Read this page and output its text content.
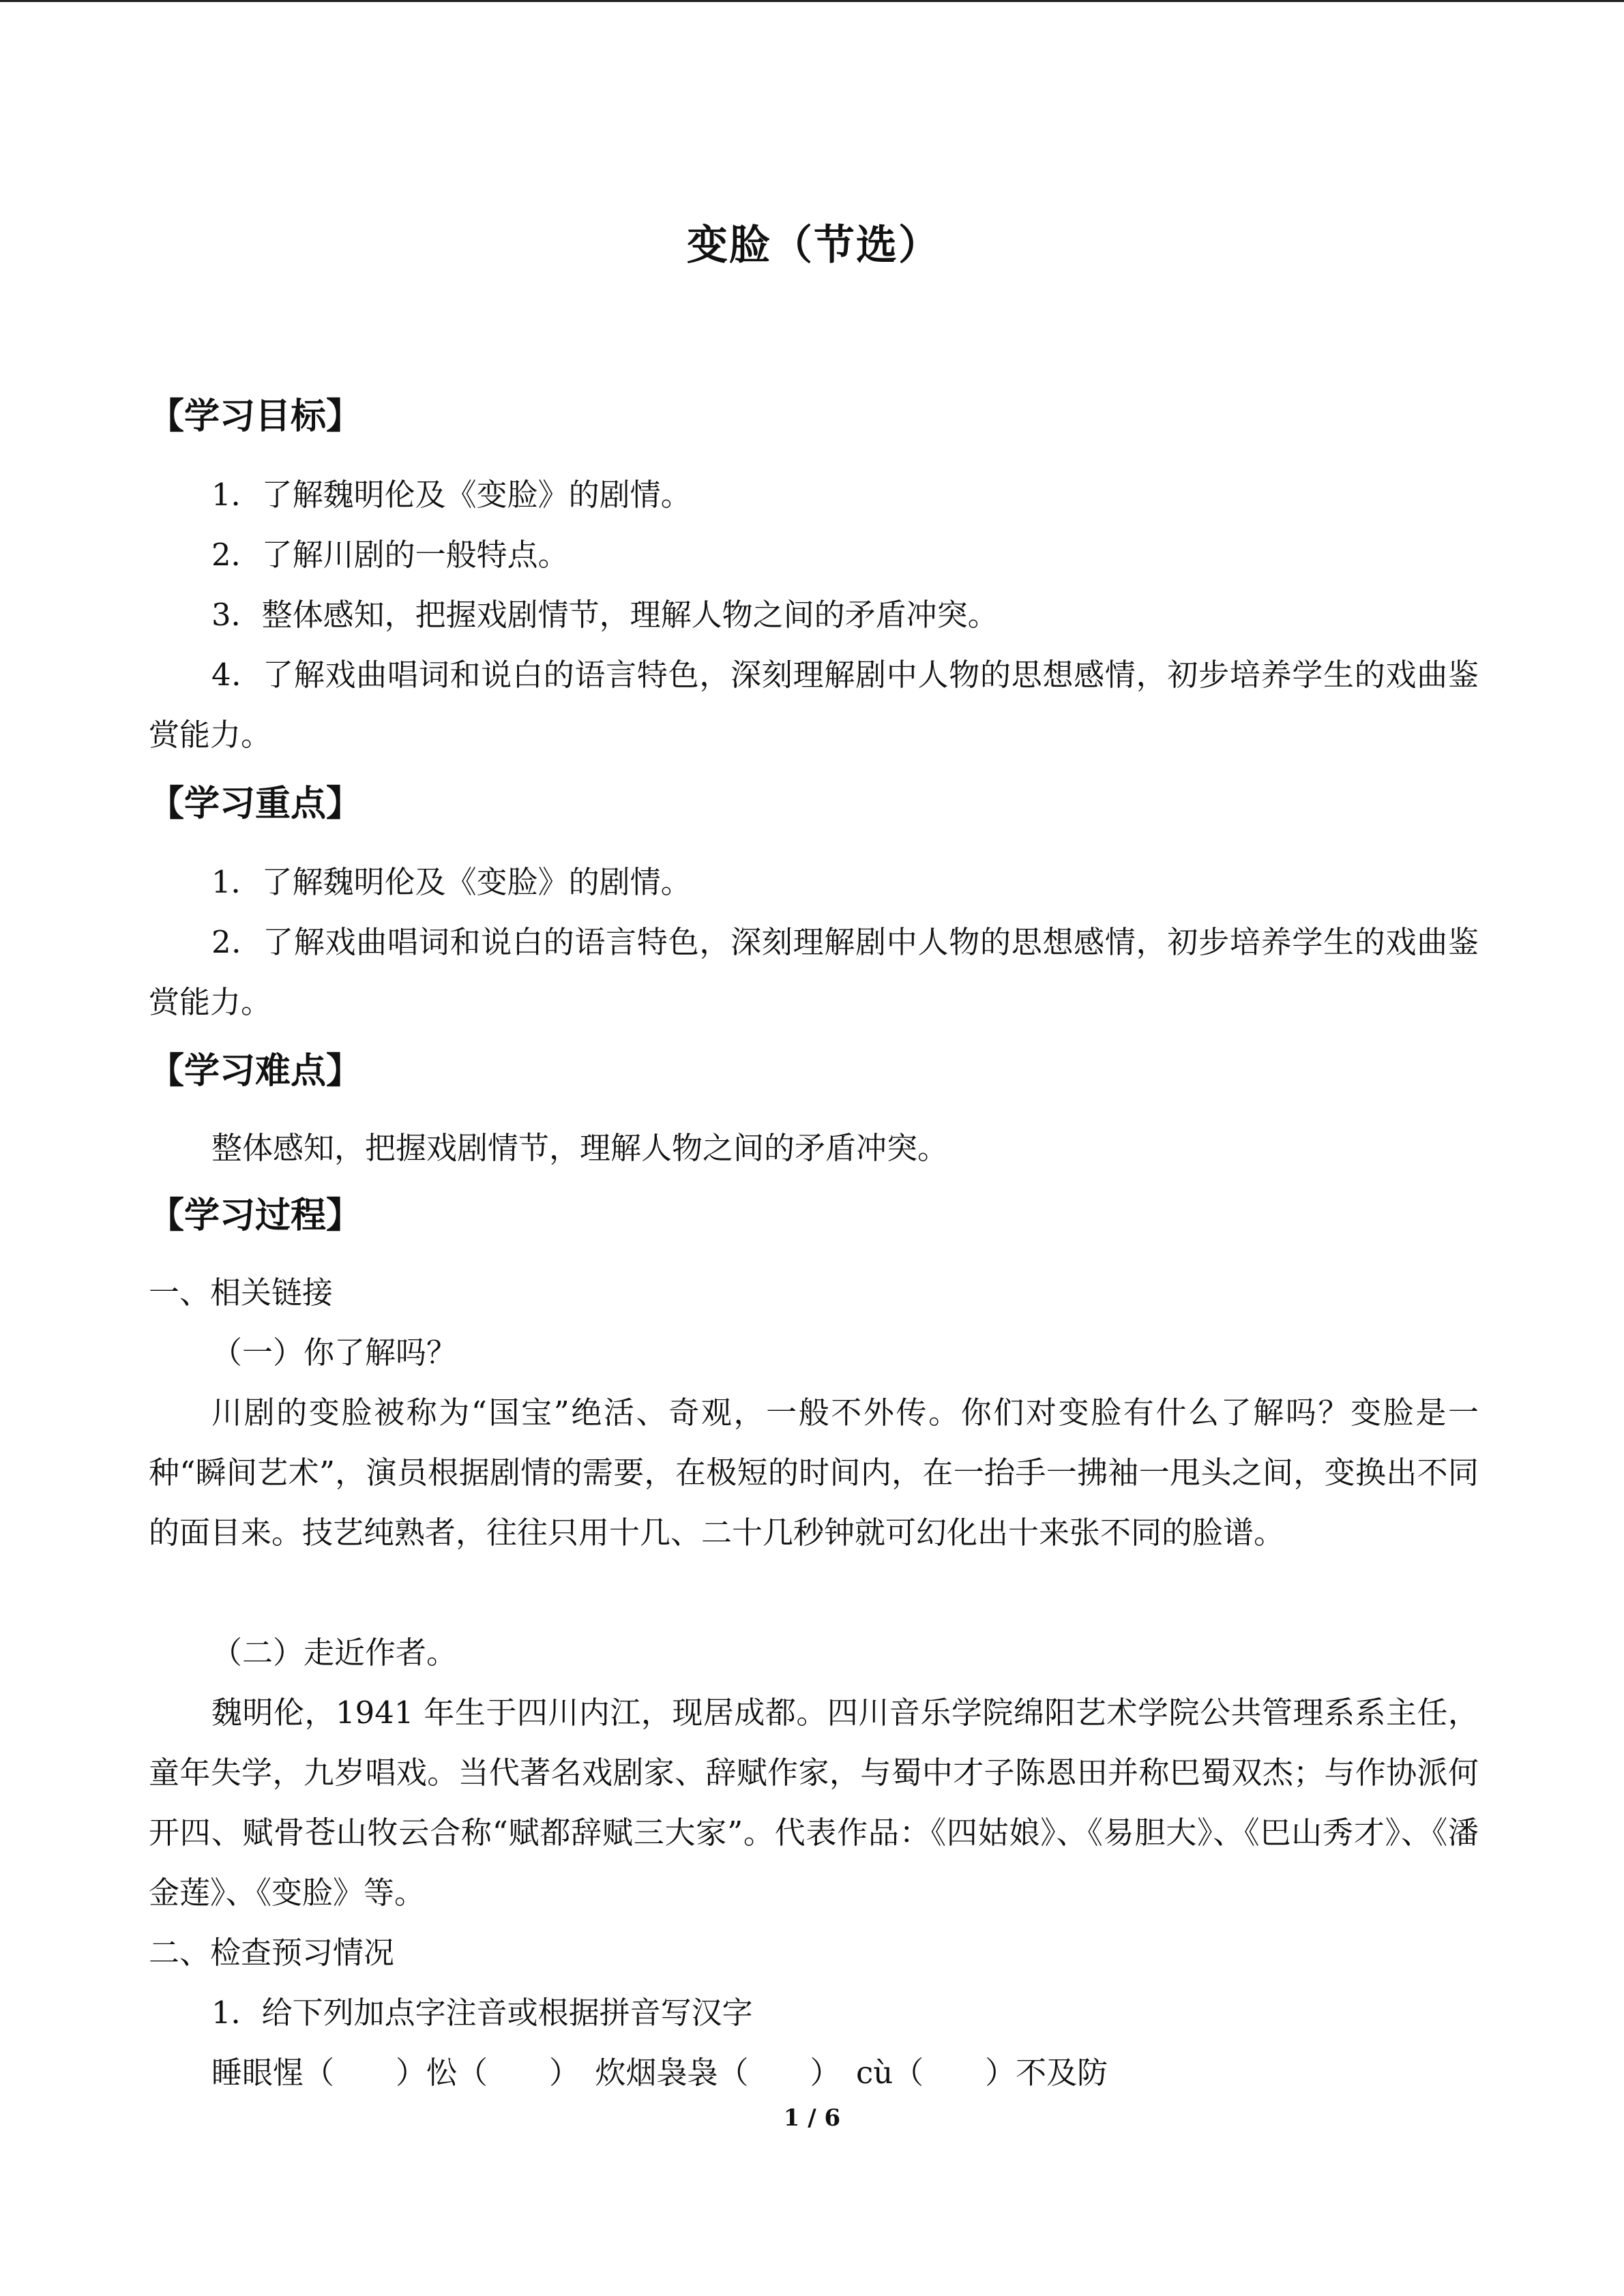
变脸（节选）
【学习目标】
1．了解魏明伦及《变脸》的剧情。
2．了解川剧的一般特点。
3．整体感知，把握戏剧情节，理解人物之间的矛盾冲突。
4．了解戏曲唱词和说白的语言特色，深刻理解剧中人物的思想感情，初步培养学生的戏曲鉴赏能力。
【学习重点】
1．了解魏明伦及《变脸》的剧情。
2．了解戏曲唱词和说白的语言特色，深刻理解剧中人物的思想感情，初步培养学生的戏曲鉴赏能力。
【学习难点】
整体感知，把握戏剧情节，理解人物之间的矛盾冲突。
【学习过程】
一、相关链接
（一）你了解吗？
川剧的变脸被称为“国宝”绝活、奇观，一般不外传。你们对变脸有什么了解吗？变脸是一种“瞬间艺术”，演员根据剧情的需要，在极短的时间内，在一抬手一拂袖一甩头之间，变换出不同的面目来。技艺纯熟者，往往只用十几、二十几秒钟就可幻化出十来张不同的脸谱。
（二）走近作者。
魏明伦，1941 年生于四川内江，现居成都。四川音乐学院绵阳艺术学院公共管理系系主任，童年失学，九岁唱戏。当代著名戏剧家、辞赋作家，与蜀中才子陈恩田并称巴蜀双杰；与作协派何开四、赋骨苍山牧云合称“赋都辞赋三大家”。代表作品：《四姑娘》、《易胆大》、《巴山秀才》、《潘金莲》、《变脸》等。
二、检查预习情况
1．给下列加点字注音或根据拼音写汉字
睡眼惺（　　）忪（　　）　炊烟袅袅（　　）　cù（　　）不及防
1 / 6
